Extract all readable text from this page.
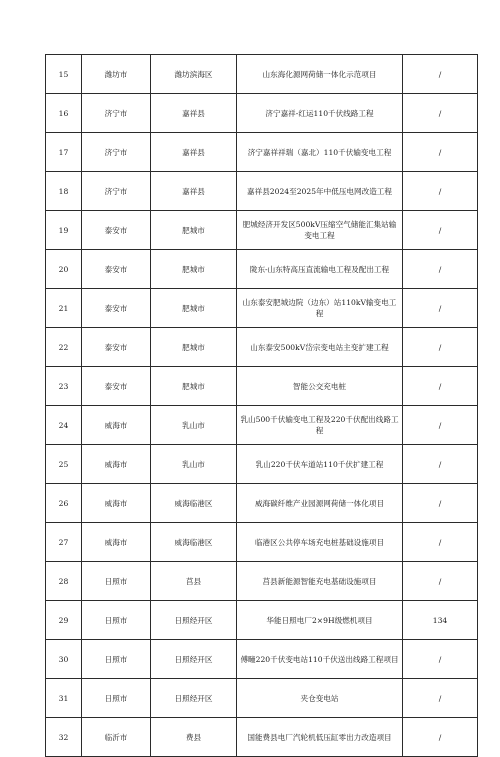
15	潍坊市	潍坊滨海区	山东海化源网荷储一体化示范项目	/
16	济宁市	嘉祥县	济宁嘉祥-红运110千伏线路工程	/
17	济宁市	嘉祥县	济宁嘉祥祥瑞（嘉北）110千伏输变电工程	/
18	济宁市	嘉祥县	嘉祥县2024至2025年中低压电网改造工程	/
19	泰安市	肥城市	肥城经济开发区500kV压缩空气储能汇集站输变电工程	/
20	泰安市	肥城市	陇东-山东特高压直流输电工程及配出工程	/
21	泰安市	肥城市	山东泰安肥城边院（边东）站110kV输变电工程	/
22	泰安市	肥城市	山东泰安500kV岱宗变电站主变扩建工程	/
23	泰安市	肥城市	智能公交充电桩	/
24	威海市	乳山市	乳山500千伏输变电工程及220千伏配出线路工程	/
25	威海市	乳山市	乳山220千伏车道站110千伏扩建工程	/
26	威海市	威海临港区	威海碳纤维产业园源网荷储一体化项目	/
27	威海市	威海临港区	临港区公共停车场充电桩基础设施项目	/
28	日照市	莒县	莒县新能源智能充电基础设施项目	/
29	日照市	日照经开区	华能日照电厂2×9H级燃机项目	134
30	日照市	日照经开区	傅疃220千伏变电站110千伏送出线路工程项目	/
31	日照市	日照经开区	夹仓变电站	/
32	临沂市	费县	国能费县电厂汽轮机低压缸零出力改造项目	/
